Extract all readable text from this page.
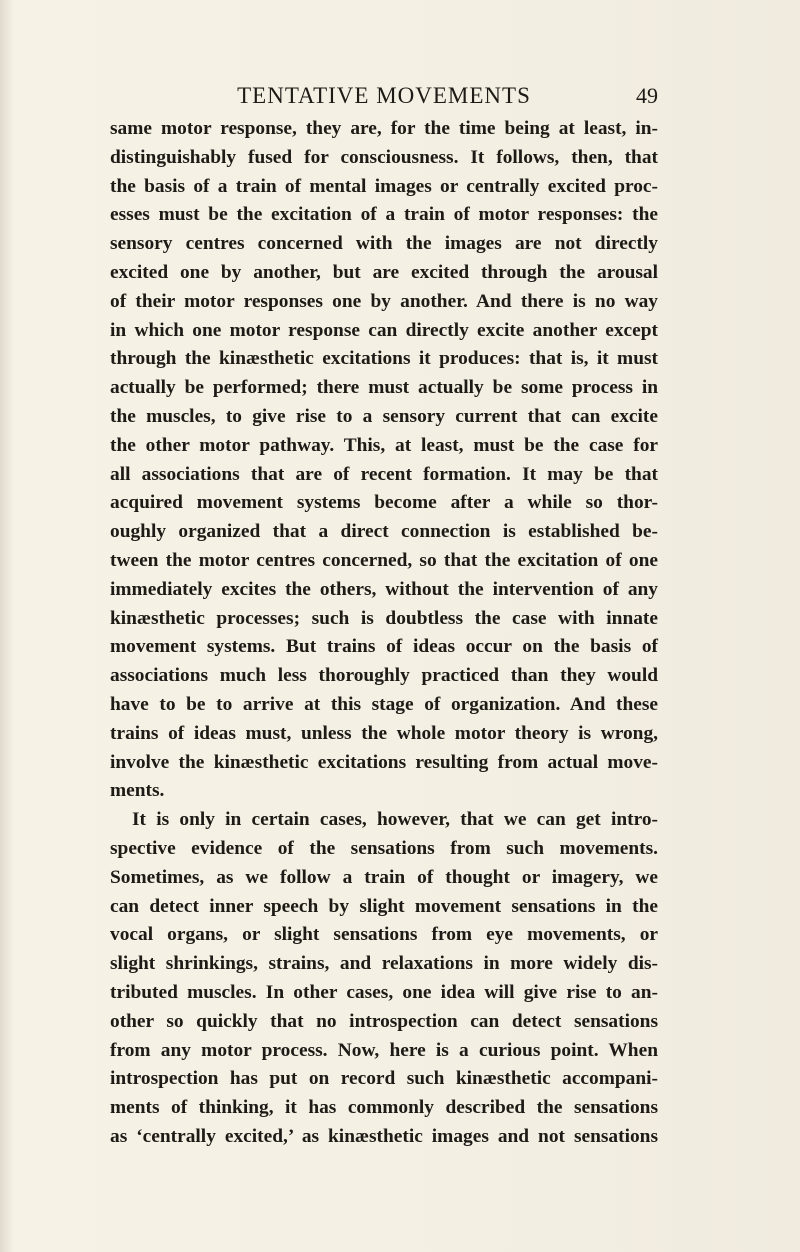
TENTATIVE MOVEMENTS	49
same motor response, they are, for the time being at least, in-
distinguishably fused for consciousness. It follows, then, that
the basis of a train of mental images or centrally excited proc-
esses must be the excitation of a train of motor responses: the
sensory centres concerned with the images are not directly
excited one by another, but are excited through the arousal
of their motor responses one by another. And there is no way
in which one motor response can directly excite another except
through the kinæsthetic excitations it produces: that is, it must
actually be performed; there must actually be some process in
the muscles, to give rise to a sensory current that can excite
the other motor pathway. This, at least, must be the case for
all associations that are of recent formation. It may be that
acquired movement systems become after a while so thor-
oughly organized that a direct connection is established be-
tween the motor centres concerned, so that the excitation of one
immediately excites the others, without the intervention of any
kinæsthetic processes; such is doubtless the case with innate
movement systems. But trains of ideas occur on the basis of
associations much less thoroughly practiced than they would
have to be to arrive at this stage of organization. And these
trains of ideas must, unless the whole motor theory is wrong,
involve the kinæsthetic excitations resulting from actual move-
ments.
It is only in certain cases, however, that we can get intro-
spective evidence of the sensations from such movements.
Sometimes, as we follow a train of thought or imagery, we
can detect inner speech by slight movement sensations in the
vocal organs, or slight sensations from eye movements, or
slight shrinkings, strains, and relaxations in more widely dis-
tributed muscles. In other cases, one idea will give rise to an-
other so quickly that no introspection can detect sensations
from any motor process. Now, here is a curious point. When
introspection has put on record such kinæsthetic accompani-
ments of thinking, it has commonly described the sensations
as ‘centrally excited,’ as kinæsthetic images and not sensations
